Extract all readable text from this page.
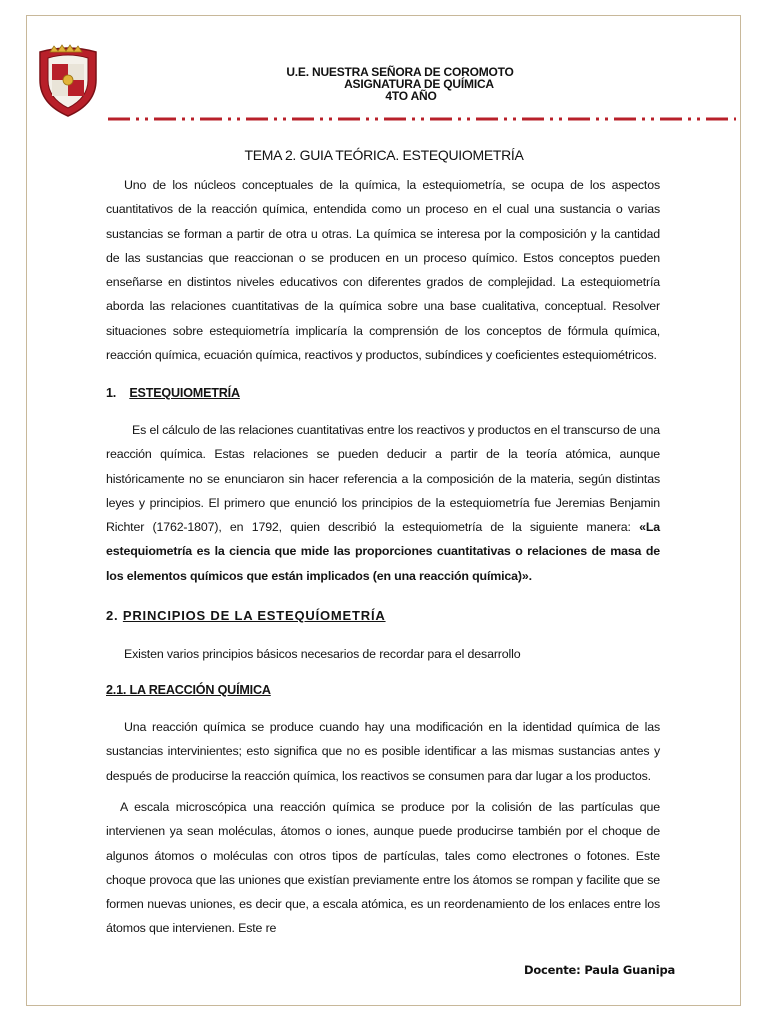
U.E. NUESTRA SEÑORA DE COROMOTO
ASIGNATURA DE QUÍMICA
4TO AÑO
TEMA 2. GUIA TEÓRICA. ESTEQUIOMETRÍA

Uno de los núcleos conceptuales de la química, la estequiometría, se ocupa de los aspectos cuantitativos de la reacción química, entendida como un proceso en el cual una sustancia o varias sustancias se forman a partir de otra u otras. La química se interesa por la composición y la cantidad de las sustancias que reaccionan o se producen en un proceso químico. Estos conceptos pueden enseñarse en distintos niveles educativos con diferentes grados de complejidad. La estequiometría aborda las relaciones cuantitativas de la química sobre una base cualitativa, conceptual. Resolver situaciones sobre estequiometría implicaría la comprensión de los conceptos de fórmula química, reacción química, ecuación química, reactivos y productos, subíndices y coeficientes estequiométricos.

1. ESTEQUIOMETRÍA

Es el cálculo de las relaciones cuantitativas entre los reactivos y productos en el transcurso de una reacción química. Estas relaciones se pueden deducir a partir de la teoría atómica, aunque históricamente no se enunciaron sin hacer referencia a la composición de la materia, según distintas leyes y principios. El primero que enunció los principios de la estequiometría fue Jeremias Benjamin Richter (1762-1807), en 1792, quien describió la estequiometría de la siguiente manera: «La estequiometría es la ciencia que mide las proporciones cuantitativas o relaciones de masa de los elementos químicos que están implicados (en una reacción química)».

2. PRINCIPIOS DE LA ESTEQUÍOMETRÍA

Existen varios principios básicos necesarios de recordar para el desarrollo

2.1. LA REACCIÓN QUÍMICA

Una reacción química se produce cuando hay una modificación en la identidad química de las sustancias intervinientes; esto significa que no es posible identificar a las mismas sustancias antes y después de producirse la reacción química, los reactivos se consumen para dar lugar a los productos.

A escala microscópica una reacción química se produce por la colisión de las partículas que intervienen ya sean moléculas, átomos o iones, aunque puede producirse también por el choque de algunos átomos o moléculas con otros tipos de partículas, tales como electrones o fotones. Este choque provoca que las uniones que existían previamente entre los átomos se rompan y facilite que se formen nuevas uniones, es decir que, a escala atómica, es un reordenamiento de los enlaces entre los átomos que intervienen. Este re

Docente: Paula Guanipa
